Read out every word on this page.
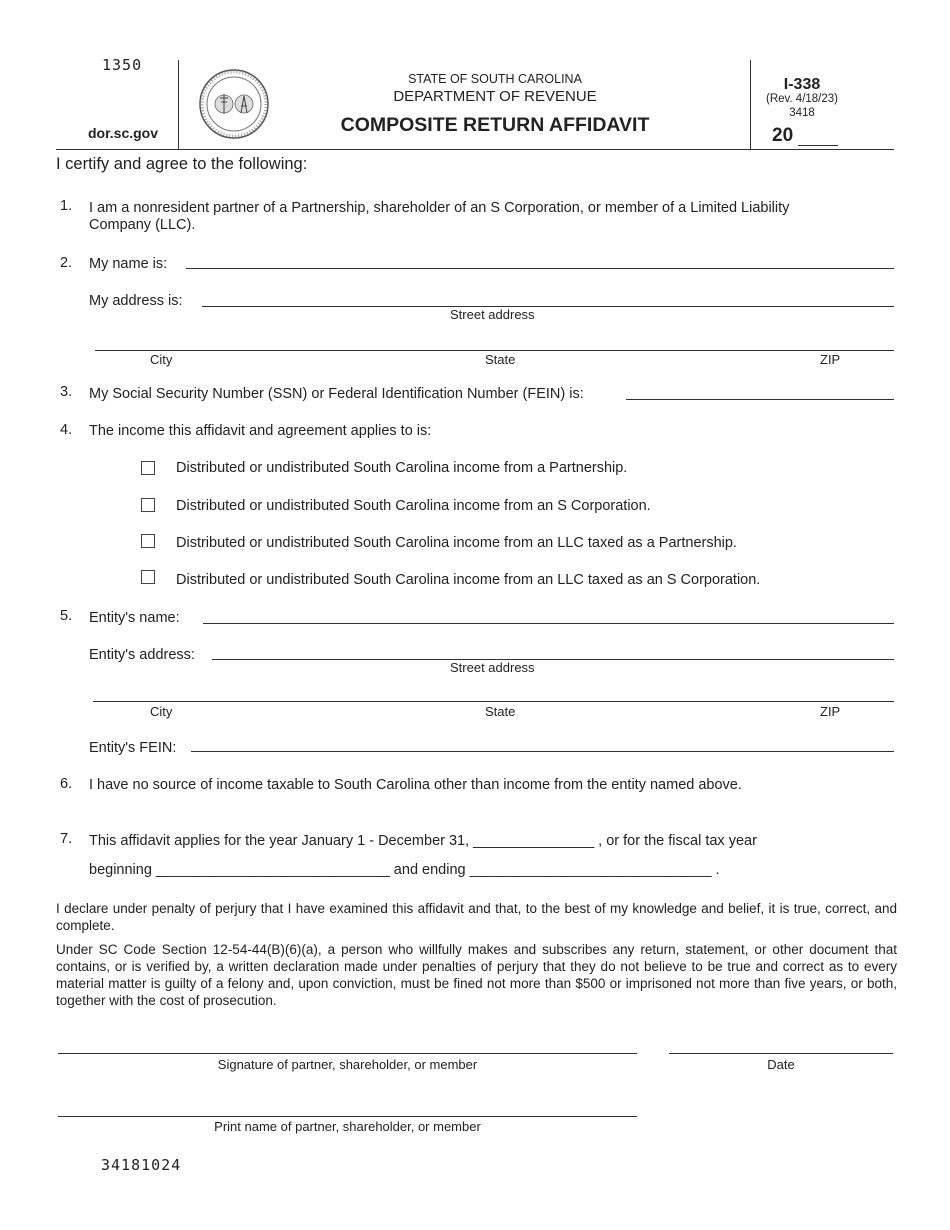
1350
dor.sc.gov
STATE OF SOUTH CAROLINA
DEPARTMENT OF REVENUE
COMPOSITE RETURN AFFIDAVIT
I-338
(Rev. 4/18/23)
3418
20
I certify and agree to the following:
1. I am a nonresident partner of a Partnership, shareholder of an S Corporation, or member of a Limited Liability
Company (LLC).
2. My name is:
My address is:
Street address
City	State	ZIP
3. My Social Security Number (SSN) or Federal Identification Number (FEIN) is:
4. The income this affidavit and agreement applies to is:
Distributed or undistributed South Carolina income from a Partnership.
Distributed or undistributed South Carolina income from an S Corporation.
Distributed or undistributed South Carolina income from an LLC taxed as a Partnership.
Distributed or undistributed South Carolina income from an LLC taxed as an S Corporation.
5. Entity's name:
Entity's address:
Street address
City	State	ZIP
Entity's FEIN:
6. I have no source of income taxable to South Carolina other than income from the entity named above.
7. This affidavit applies for the year January 1 - December 31, _______________ , or for the fiscal tax year
beginning _____________________________ and ending ______________________________ .
I declare under penalty of perjury that I have examined this affidavit and that, to the best of my knowledge and belief, it is true, correct, and complete.
Under SC Code Section 12-54-44(B)(6)(a), a person who willfully makes and subscribes any return, statement, or other document that contains, or is verified by, a written declaration made under penalties of perjury that they do not believe to be true and correct as to every material matter is guilty of a felony and, upon conviction, must be fined not more than $500 or imprisoned not more than five years, or both, together with the cost of prosecution.
Signature of partner, shareholder, or member	Date
Print name of partner, shareholder, or member
34181024
